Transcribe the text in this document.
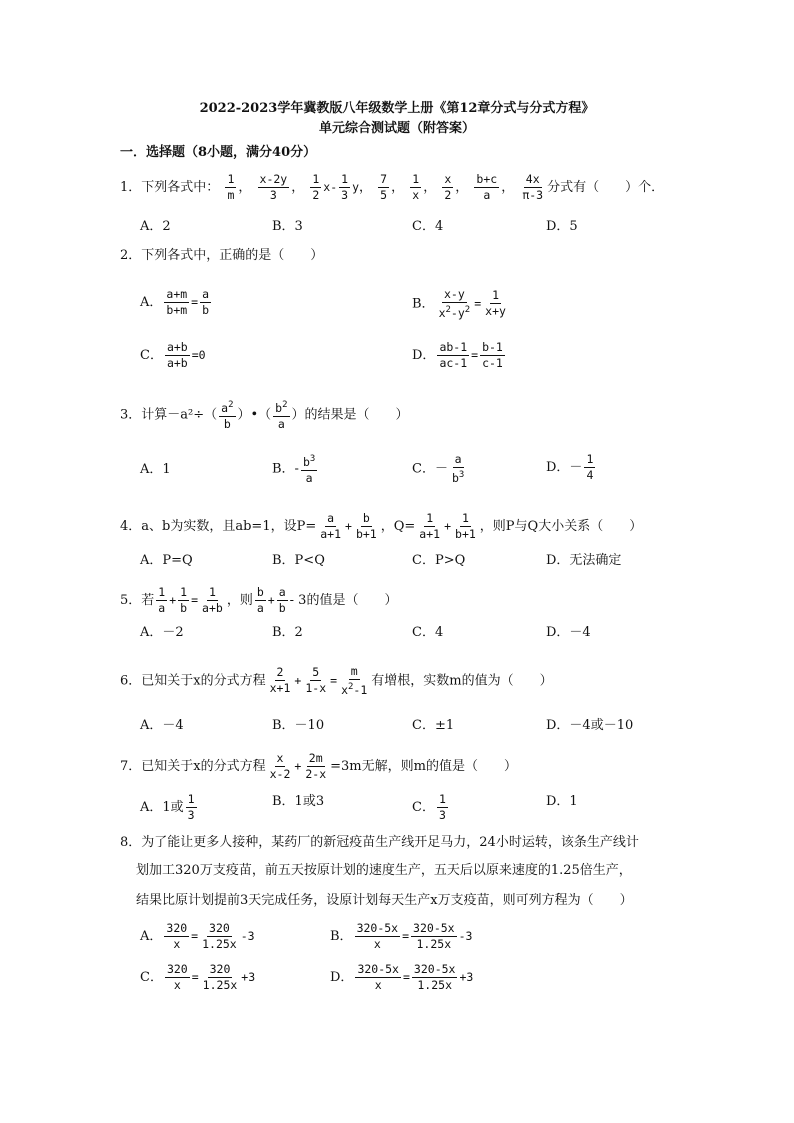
2022-2023学年冀教版八年级数学上册《第12章分式与分式方程》
单元综合测试题（附答案）
一．选择题（8小题，满分40分）
1．下列各式中： $\frac{1}{m}$ ， $\frac{x-2y}{3}$ ， $\frac{1}{2} x- \frac{1}{3}$ y， $\frac{7}{5}$ ， $\frac{1}{x}$ ， $\frac{x}{2}$ ， $\frac{b+c}{a}$ ， $\frac{4x}{\pi-3}$ 分式有（　　）个．
A．2	B．3	C．4	D．5
2．下列各式中，正确的是（　　）
A． $\frac{a+m}{b+m} = \frac{a}{b}$	B． $\frac{x-y}{x^2-y^2} = \frac{1}{x+y}$
C． $\frac{a+b}{a+b} =0$	D． $\frac{ab-1}{ac-1} = \frac{b-1}{c-1}$
3．计算$-a^2\div( \frac{a^2}{b}$ ）•（ $\frac{b^2}{a}$ ）的结果是（　　）
A．1	B．- $\frac{b^3}{a}$	C．－ $\frac{a}{b^3}$	D．－ $\frac{1}{4}$
4．a、b为实数，且ab=1，设$P= \frac{a}{a+1} + \frac{b}{b+1}$ ，$Q= \frac{1}{a+1} + \frac{1}{b+1}$ ，则P与Q大小关系（　　）
A．P=Q	B．P<Q	C．P>Q	D．无法确定
5．若 $\frac{1}{a} + \frac{1}{b} = \frac{1}{a+b}$ ，则 $\frac{b}{a} + \frac{a}{b} - 3$的值是（　　）
A．－2	B．2	C．4	D．－4
6．已知关于x的分式方程 $\frac{2}{x+1} + \frac{5}{1-x} = \frac{m}{x^2-1}$ 有增根，实数m的值为（　　）
A．－4	B．－10	C．±1	D．－4或－10
7．已知关于x的分式方程 $\frac{x}{x-2} + \frac{2m}{2-x} =3m$无解，则m的值是（　　）
A．1或 $\frac{1}{3}$	B．1或3	C． $\frac{1}{3}$	D．1
8．为了能让更多人接种，某药厂的新冠疫苗生产线开足马力，24小时运转，该条生产线计
划加工320万支疫苗，前五天按原计划的速度生产，五天后以原来速度的1.25倍生产，
结果比原计划提前3天完成任务，设原计划每天生产x万支疫苗，则可列方程为（　　）
A． $\frac{320}{x} = \frac{320}{1.25x} -3$	B． $\frac{320-5x}{x} = \frac{320-5x}{1.25x} -3$
C． $\frac{320}{x} = \frac{320}{1.25x} +3$	D． $\frac{320-5x}{x} = \frac{320-5x}{1.25x} +3$
